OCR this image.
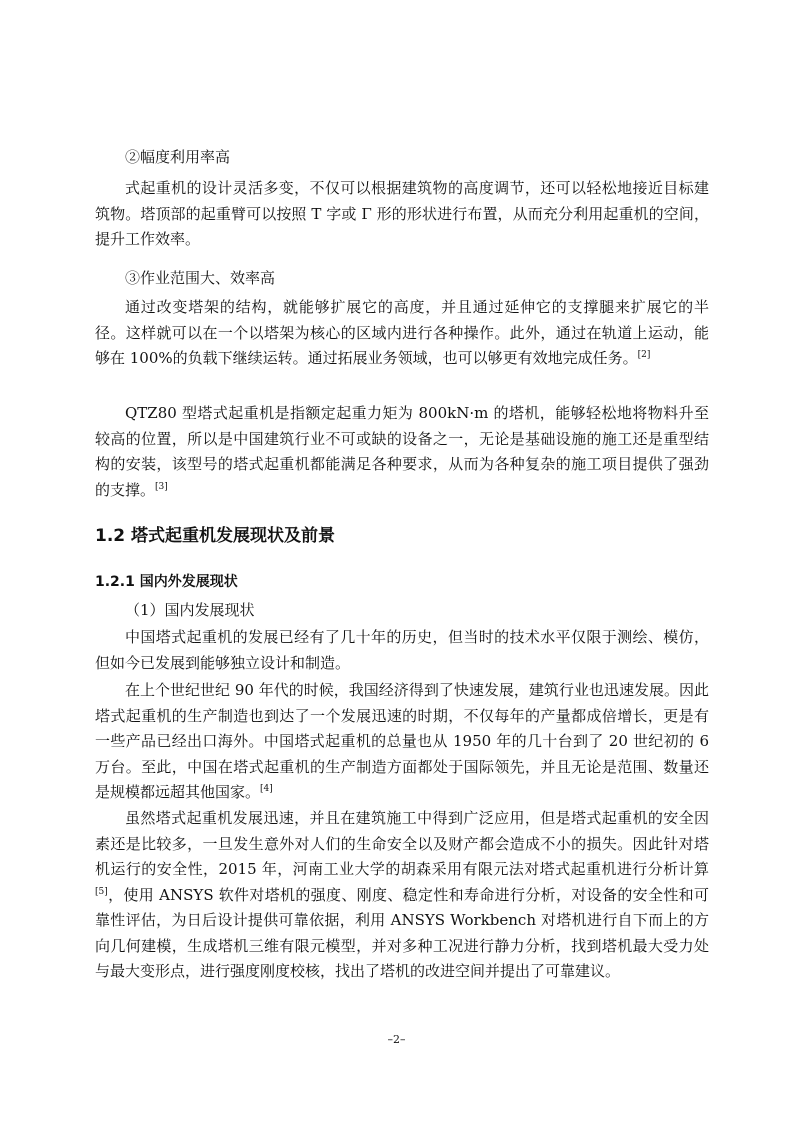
②幅度利用率高

式起重机的设计灵活多变，不仅可以根据建筑物的高度调节，还可以轻松地接近目标建筑物。塔顶部的起重臂可以按照 T 字或 Γ 形的形状进行布置，从而充分利用起重机的空间，提升工作效率。

③作业范围大、效率高

通过改变塔架的结构，就能够扩展它的高度，并且通过延伸它的支撑腿来扩展它的半径。这样就可以在一个以塔架为核心的区域内进行各种操作。此外，通过在轨道上运动，能够在 100%的负载下继续运转。通过拓展业务领域，也可以够更有效地完成任务。[2]

QTZ80 型塔式起重机是指额定起重力矩为 800kN·m 的塔机，能够轻松地将物料升至较高的位置，所以是中国建筑行业不可或缺的设备之一，无论是基础设施的施工还是重型结构的安装，该型号的塔式起重机都能满足各种要求，从而为各种复杂的施工项目提供了强劲的支撑。[3]

1.2 塔式起重机发展现状及前景
1.2.1 国内外发展现状

（1）国内发展现状

中国塔式起重机的发展已经有了几十年的历史，但当时的技术水平仅限于测绘、模仿，但如今已发展到能够独立设计和制造。

在上个世纪世纪 90 年代的时候，我国经济得到了快速发展，建筑行业也迅速发展。因此塔式起重机的生产制造也到达了一个发展迅速的时期，不仅每年的产量都成倍增长，更是有一些产品已经出口海外。中国塔式起重机的总量也从 1950 年的几十台到了 20 世纪初的 6 万台。至此，中国在塔式起重机的生产制造方面都处于国际领先，并且无论是范围、数量还是规模都远超其他国家。[4]

虽然塔式起重机发展迅速，并且在建筑施工中得到广泛应用，但是塔式起重机的安全因素还是比较多，一旦发生意外对人们的生命安全以及财产都会造成不小的损失。因此针对塔机运行的安全性，2015 年，河南工业大学的胡森采用有限元法对塔式起重机进行分析计算[5]，使用 ANSYS 软件对塔机的强度、刚度、稳定性和寿命进行分析，对设备的安全性和可靠性评估，为日后设计提供可靠依据，利用 ANSYS Workbench 对塔机进行自下而上的方向几何建模，生成塔机三维有限元模型，并对多种工况进行静力分析，找到塔机最大受力处与最大变形点，进行强度刚度校核，找出了塔机的改进空间并提出了可靠建议。

–2–
